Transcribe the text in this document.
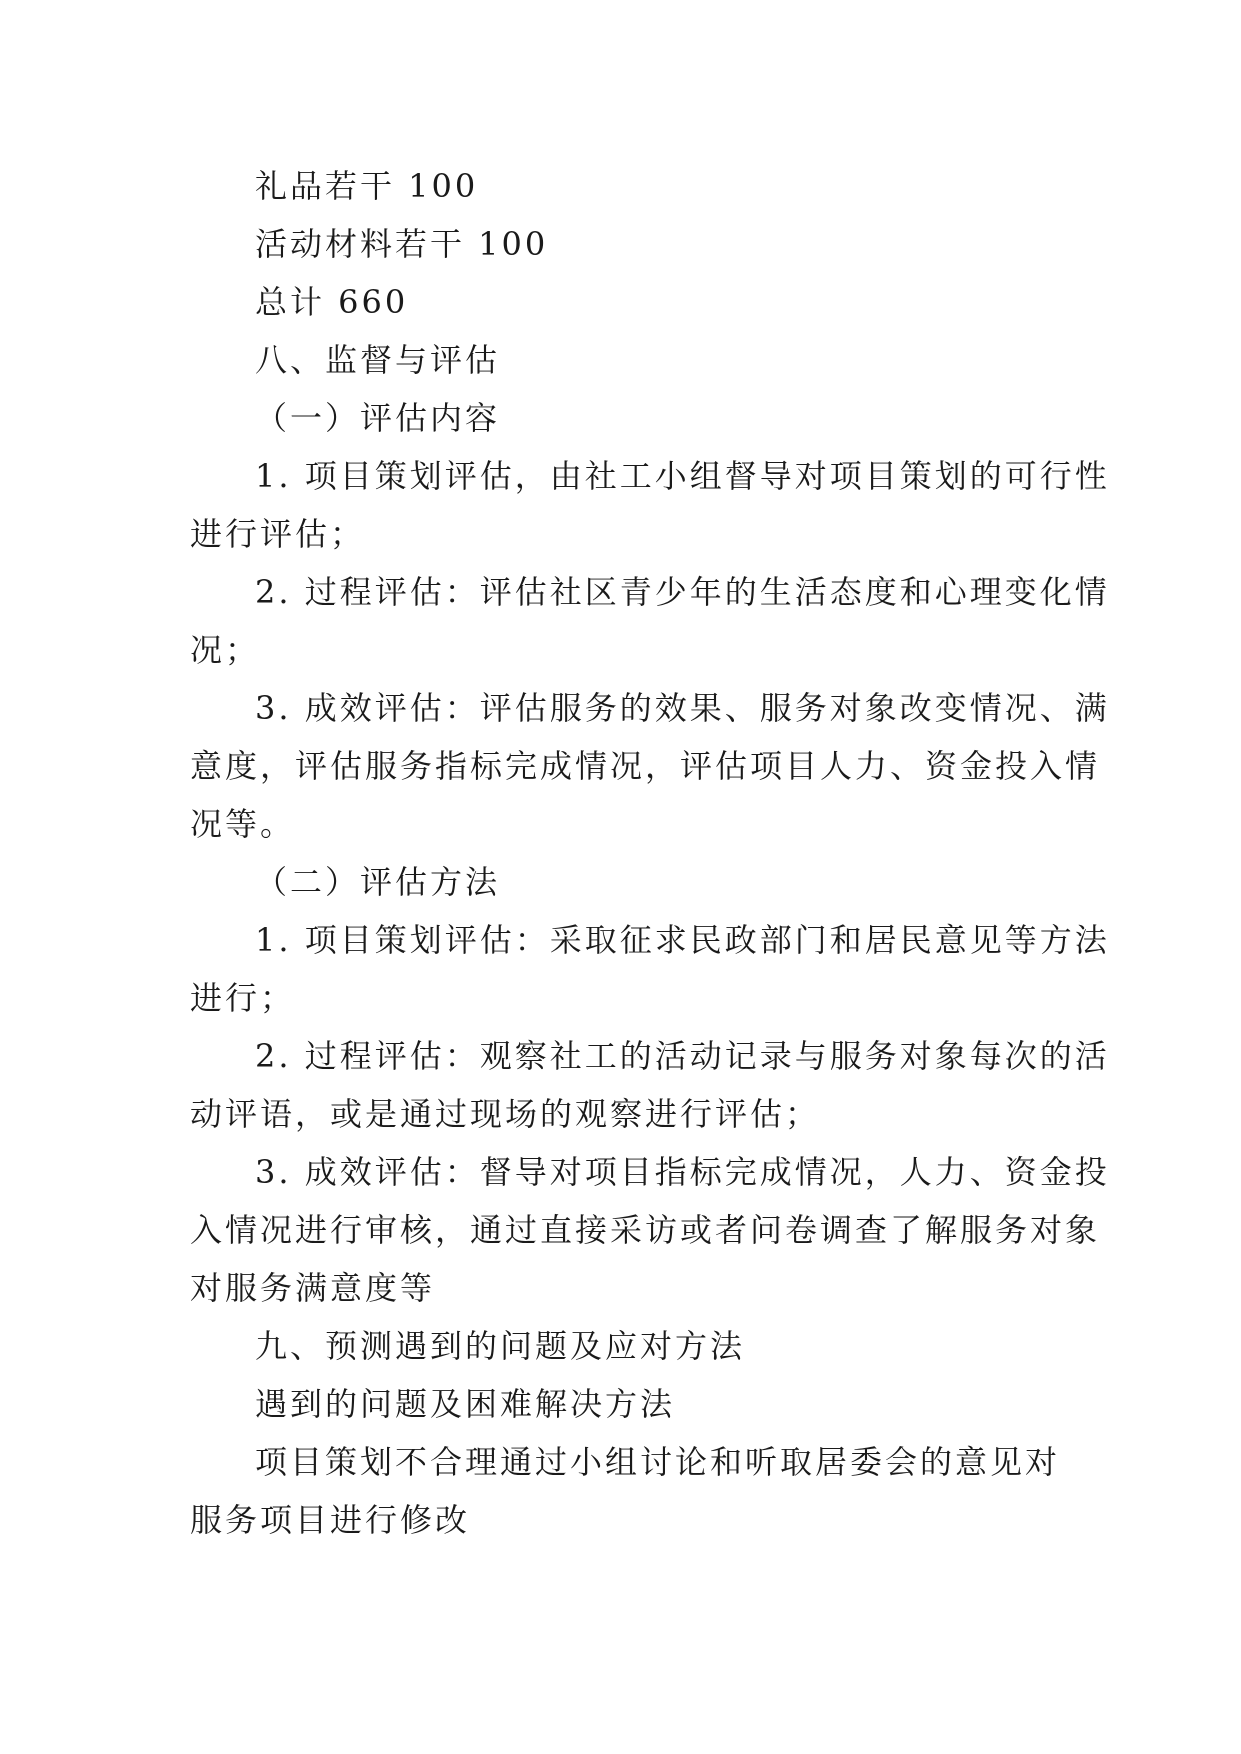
礼品若干 100
活动材料若干 100
总计 660
八、监督与评估
（一）评估内容
1. 项目策划评估，由社工小组督导对项目策划的可行性
进行评估；
2. 过程评估：评估社区青少年的生活态度和心理变化情
况；
3. 成效评估：评估服务的效果、服务对象改变情况、满
意度，评估服务指标完成情况，评估项目人力、资金投入情
况等。
（二）评估方法
1. 项目策划评估：采取征求民政部门和居民意见等方法
进行；
2. 过程评估：观察社工的活动记录与服务对象每次的活
动评语，或是通过现场的观察进行评估；
3. 成效评估：督导对项目指标完成情况，人力、资金投
入情况进行审核，通过直接采访或者问卷调查了解服务对象
对服务满意度等
九、预测遇到的问题及应对方法
遇到的问题及困难解决方法
项目策划不合理通过小组讨论和听取居委会的意见对
服务项目进行修改
